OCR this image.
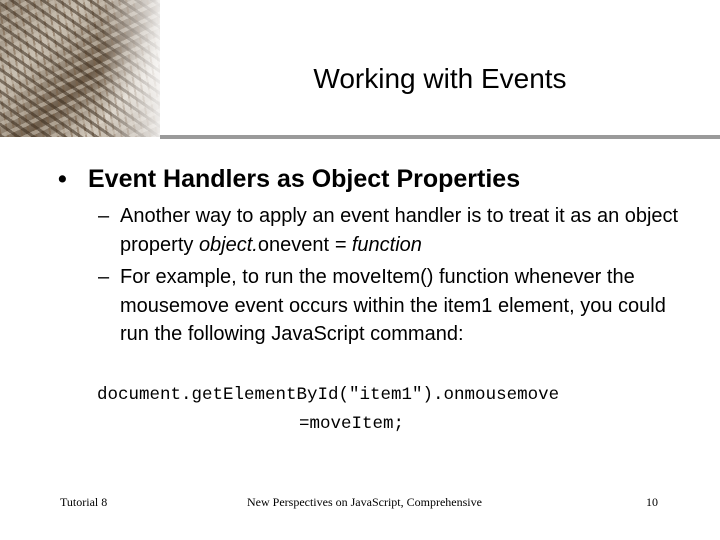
Working with Events
• Event Handlers as Object Properties
– Another way to apply an event handler is to treat it as an object property object.onevent = function
– For example, to run the moveItem() function whenever the mousemove event occurs within the item1 element, you could run the following JavaScript command:
document.getElementById("item1").onmousemove
=moveItem;
Tutorial 8	New Perspectives on JavaScript, Comprehensive	10
